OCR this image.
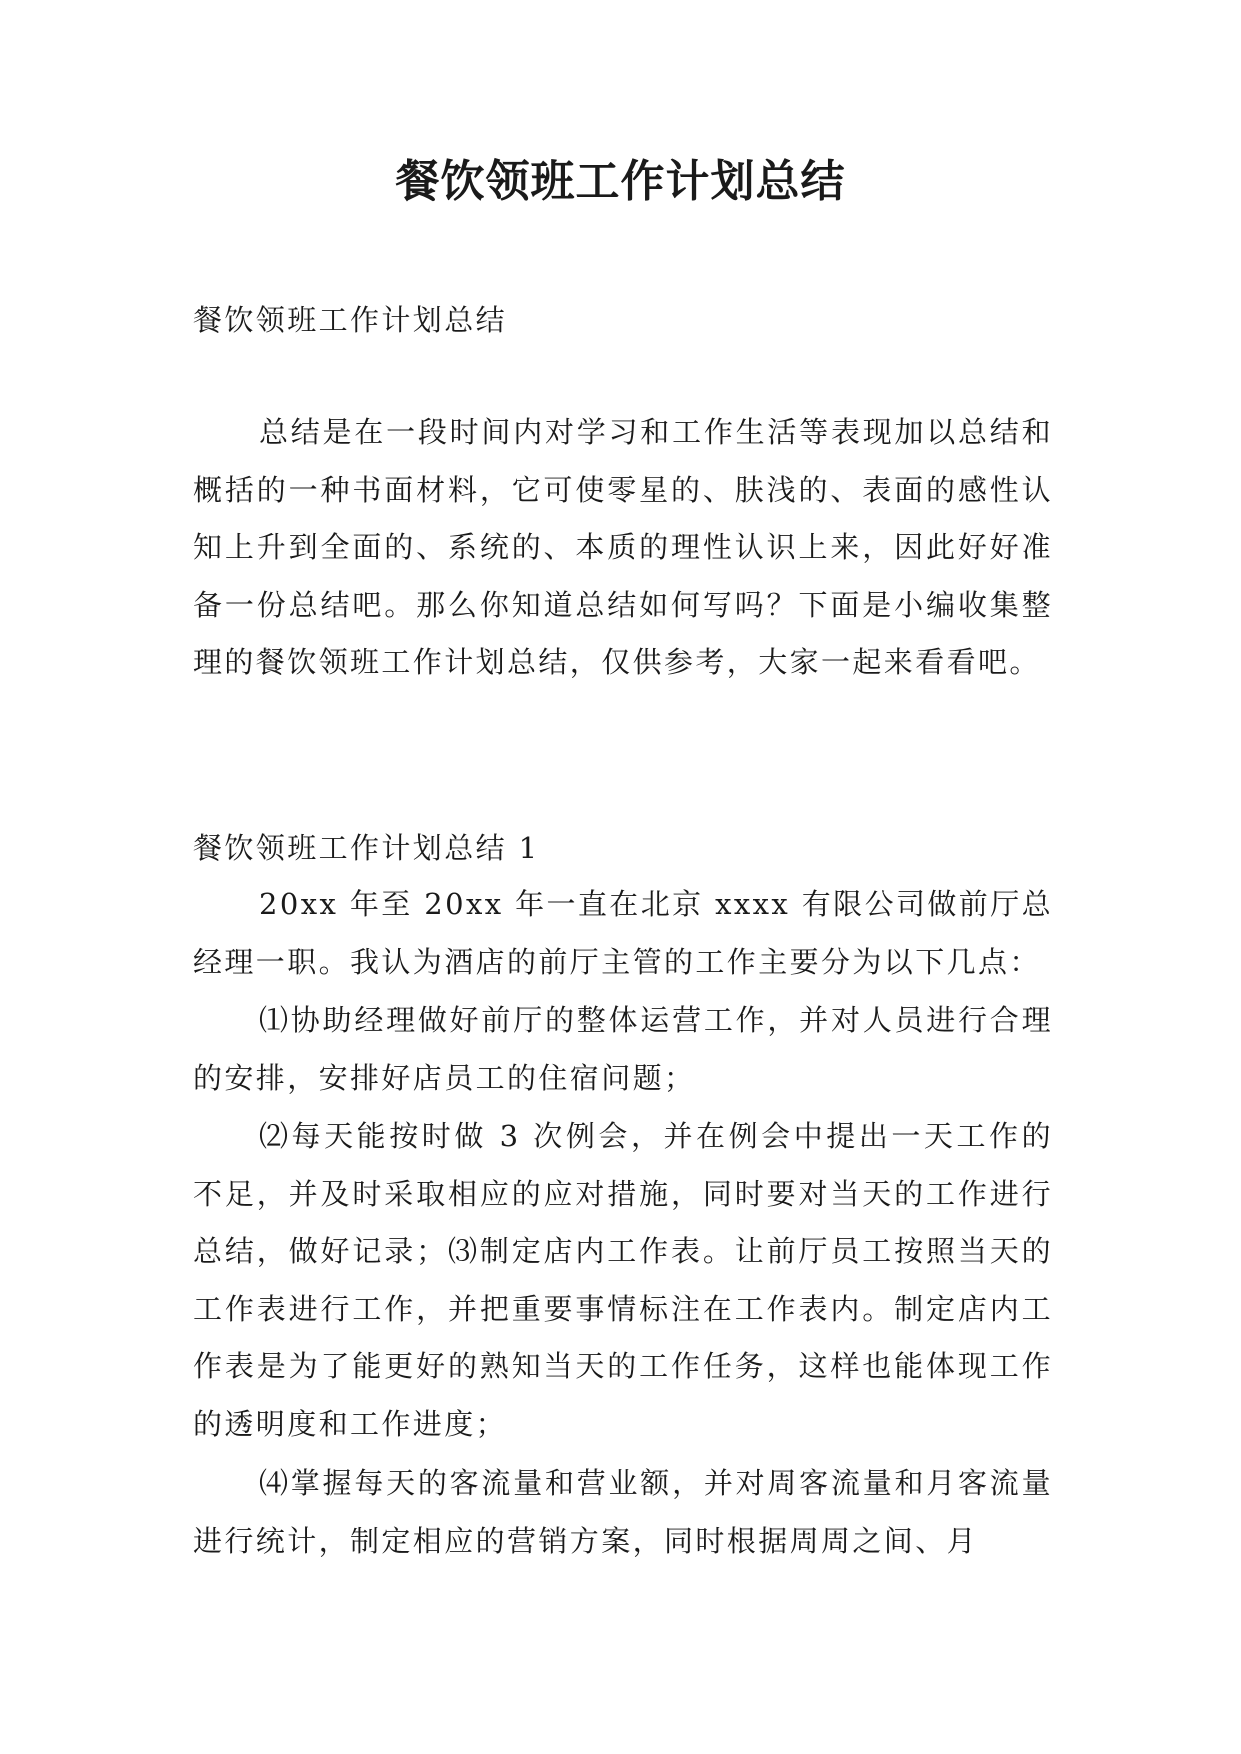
餐饮领班工作计划总结

餐饮领班工作计划总结

总结是在一段时间内对学习和工作生活等表现加以总结和概括的一种书面材料，它可使零星的、肤浅的、表面的感性认知上升到全面的、系统的、本质的理性认识上来，因此好好准备一份总结吧。那么你知道总结如何写吗？下面是小编收集整理的餐饮领班工作计划总结，仅供参考，大家一起来看看吧。

餐饮领班工作计划总结 1

20xx 年至 20xx 年一直在北京 xxxx 有限公司做前厅总经理一职。我认为酒店的前厅主管的工作主要分为以下几点：

⑴协助经理做好前厅的整体运营工作，并对人员进行合理的安排，安排好店员工的住宿问题；

⑵每天能按时做 3 次例会，并在例会中提出一天工作的不足，并及时采取相应的应对措施，同时要对当天的工作进行总结，做好记录；⑶制定店内工作表。让前厅员工按照当天的工作表进行工作，并把重要事情标注在工作表内。制定店内工作表是为了能更好的熟知当天的工作任务，这样也能体现工作的透明度和工作进度；

⑷掌握每天的客流量和营业额，并对周客流量和月客流量进行统计，制定相应的营销方案，同时根据周周之间、月
